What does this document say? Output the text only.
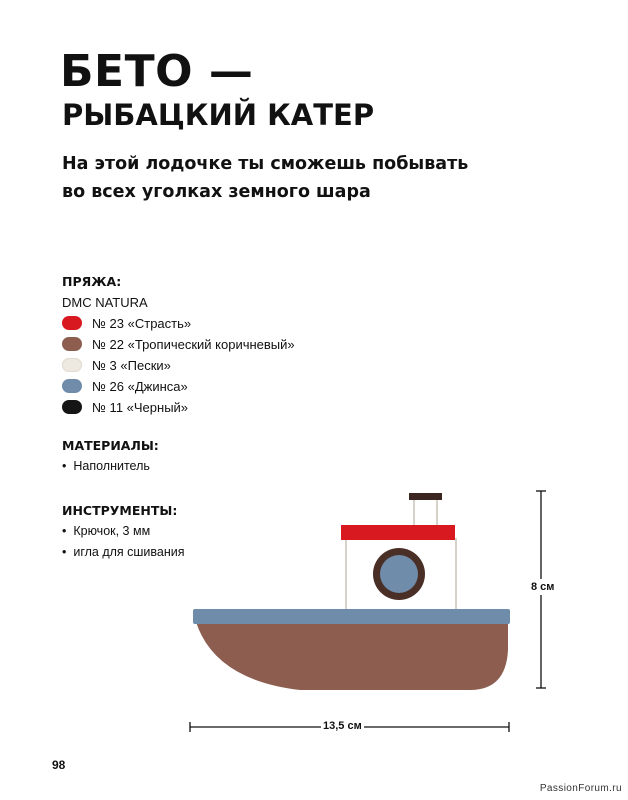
БЕТО —
РЫБАЦКИЙ КАТЕР
На этой лодочке ты сможешь побывать
во всех уголках земного шара
ПРЯЖА:
DMC NATURA
№ 23 «Страсть»
№ 22 «Тропический коричневый»
№ 3 «Пески»
№ 26 «Джинса»
№ 11 «Черный»
МАТЕРИАЛЫ:
• Наполнитель
ИНСТРУМЕНТЫ:
• Крючок, 3 мм
• игла для сшивания
8 см
13,5 см
98
PassionForum.ru
